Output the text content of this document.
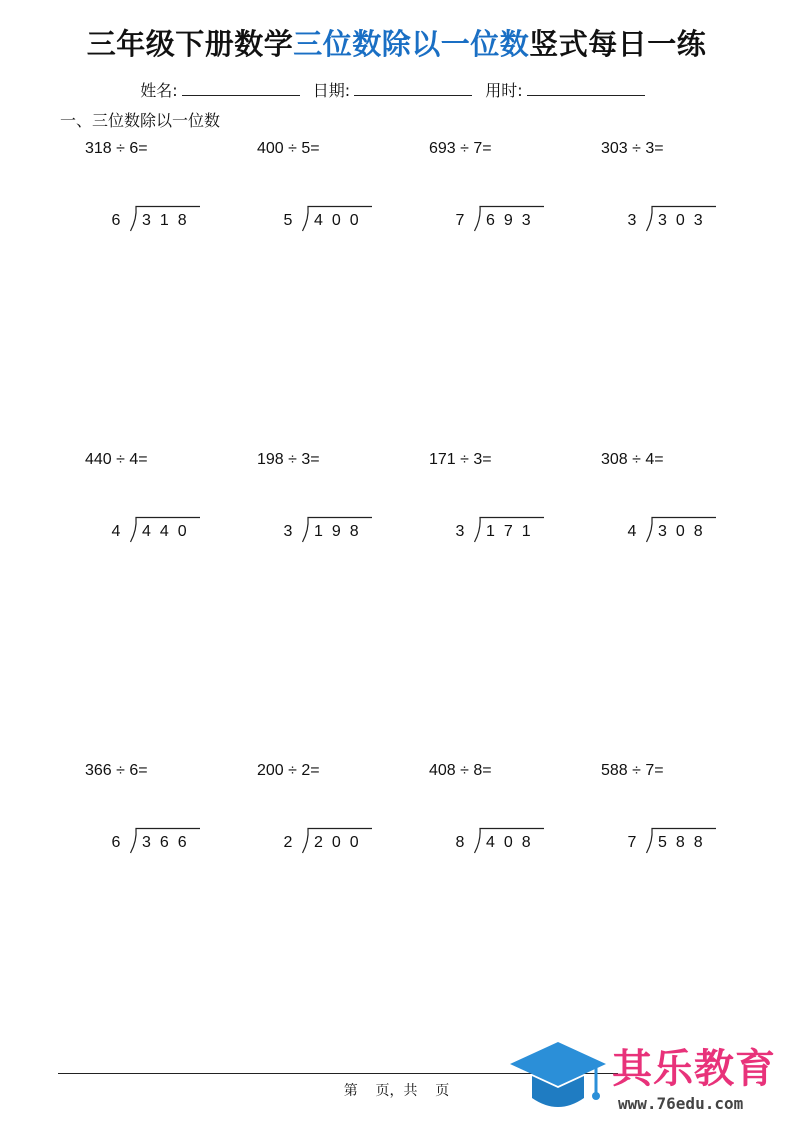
三年级下册数学三位数除以一位数竖式每日一练
姓名:	日期:	用时:
一、三位数除以一位数
318 ÷ 6=
6 318
400 ÷ 5=
5 400
693 ÷ 7=
7 693
303 ÷ 3=
3 303
440 ÷ 4=
4 440
198 ÷ 3=
3 198
171 ÷ 3=
3 171
308 ÷ 4=
4 308
366 ÷ 6=
6 366
200 ÷ 2=
2 200
408 ÷ 8=
8 408
588 ÷ 7=
7 588
第    页，共    页	其乐教育
www.76edu.com
